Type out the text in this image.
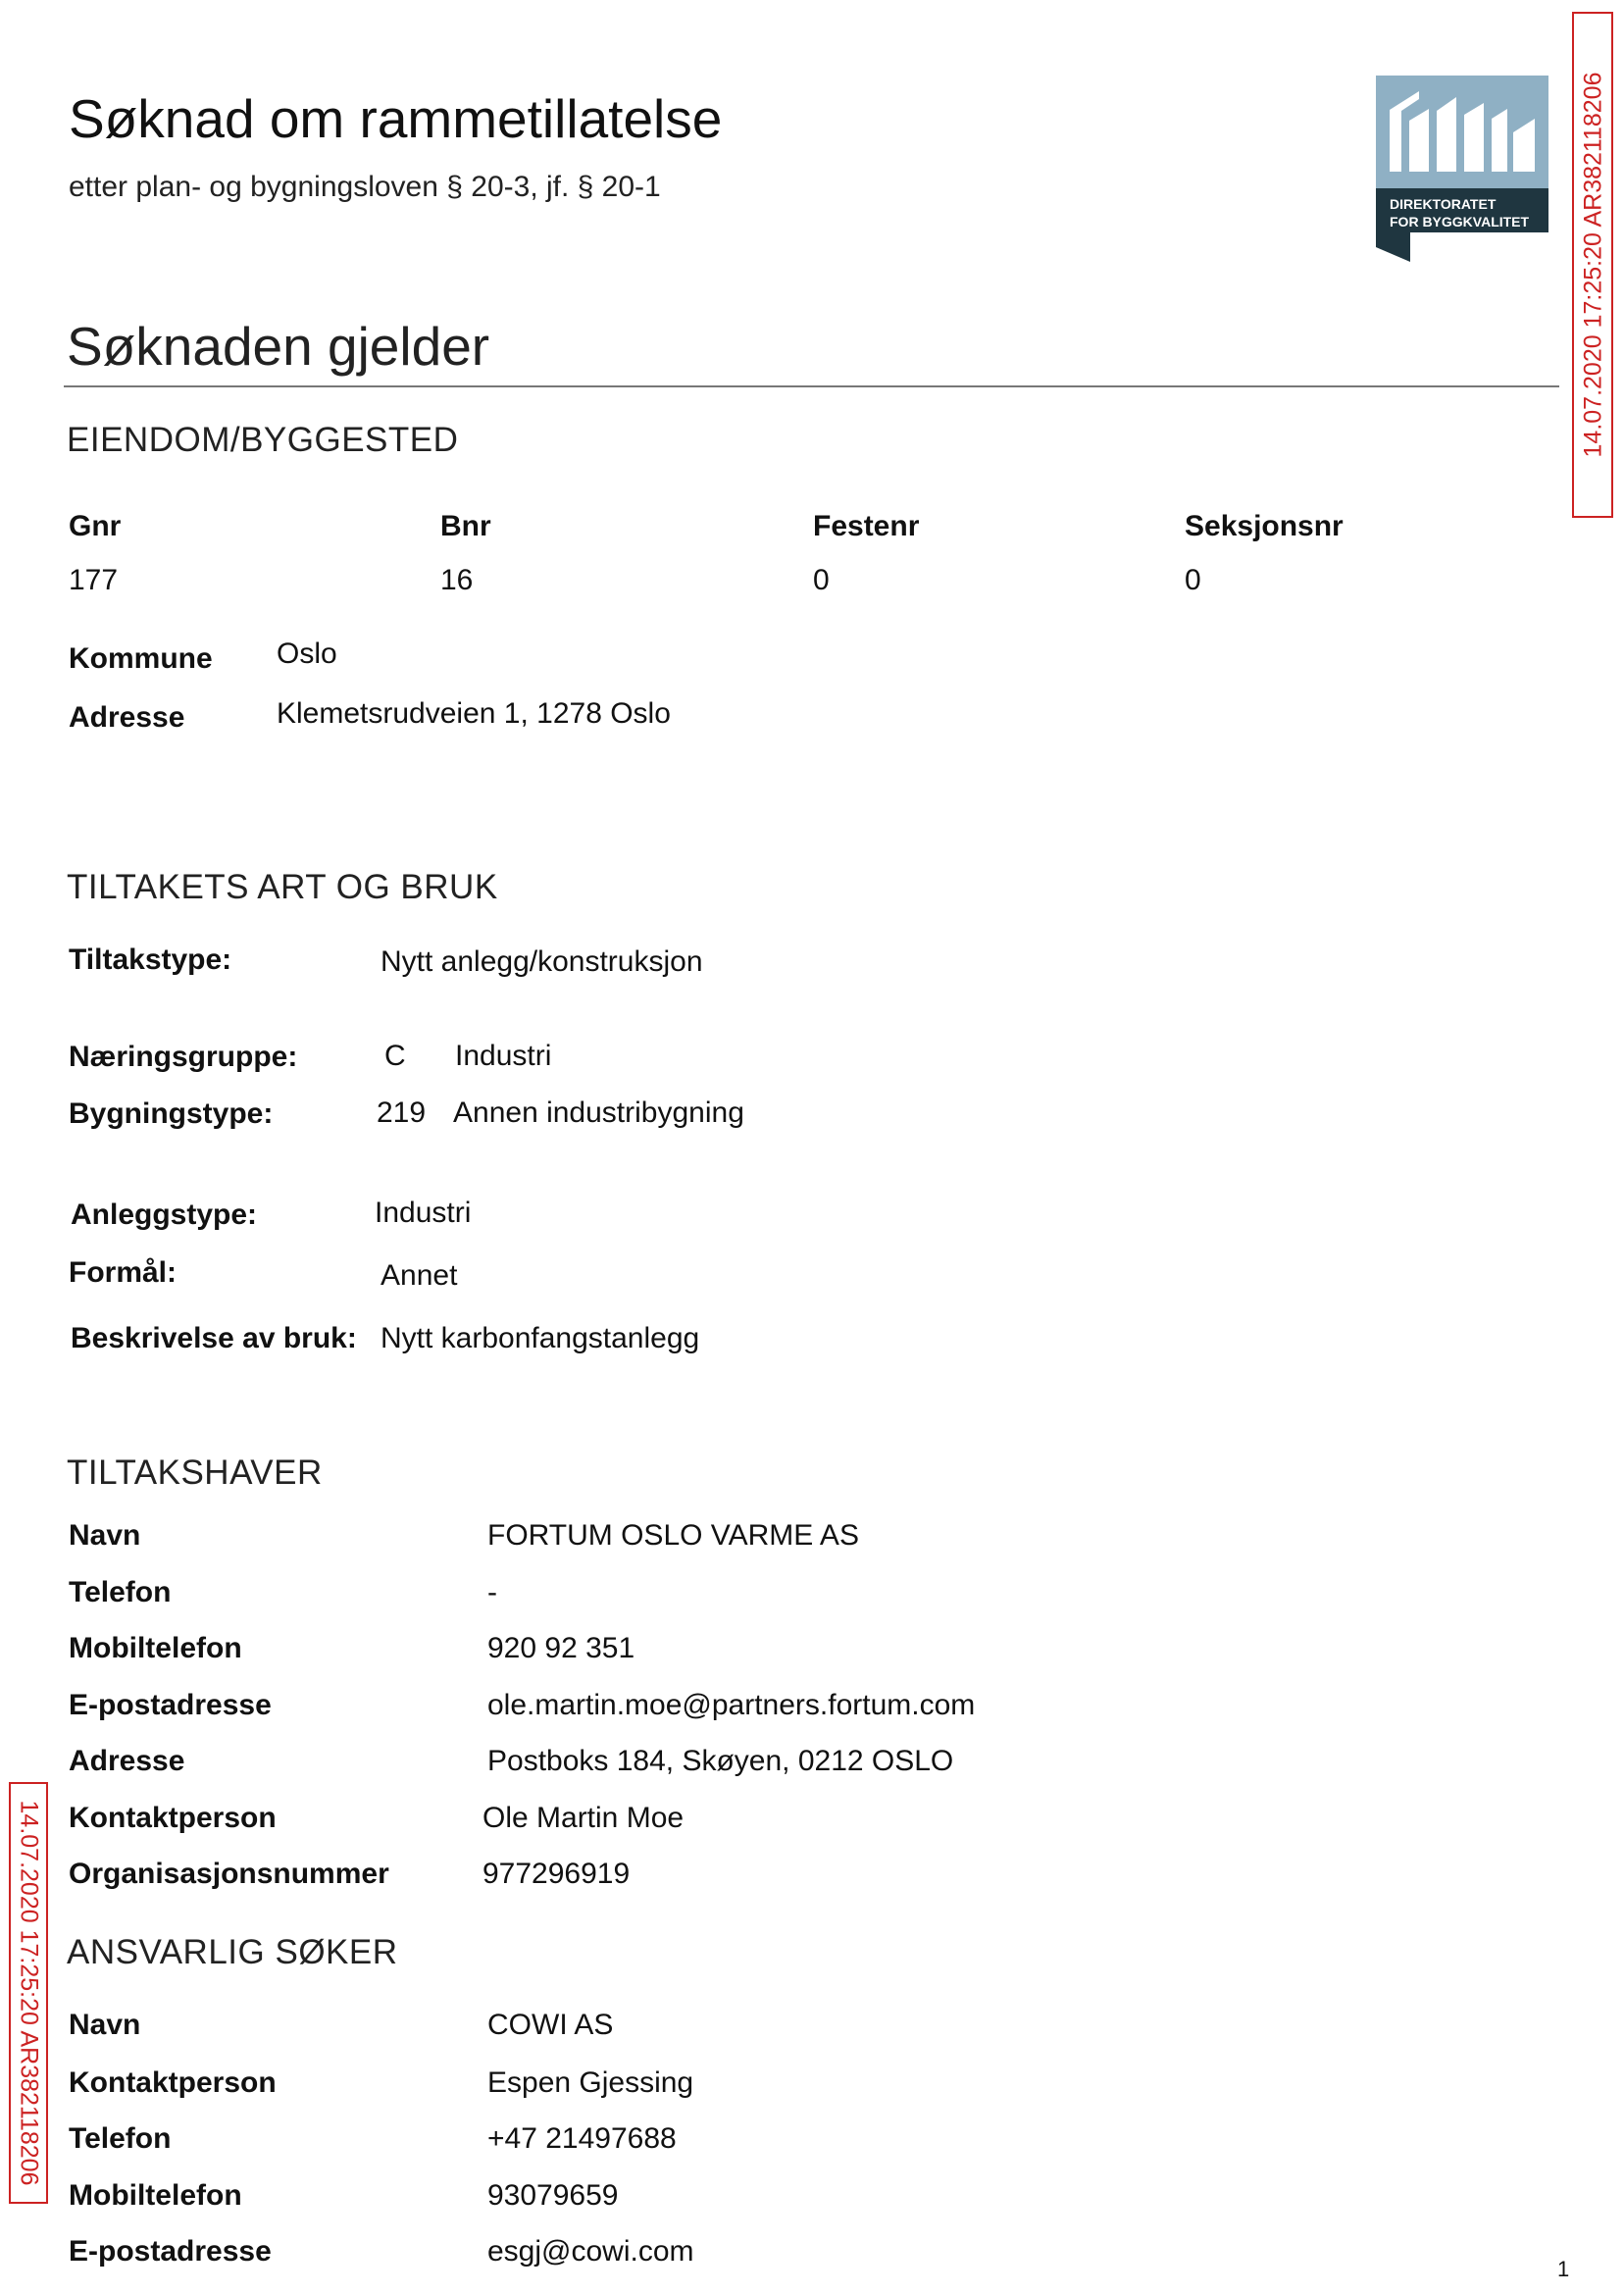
Søknad om rammetillatelse
etter plan- og bygningsloven § 20-3, jf. § 20-1
DIREKTORATET
FOR BYGGKVALITET 14.07.2020 17:25:20 AR382118206
14.07.2020 17:25:20 AR382118206
Søknaden gjelder
EIENDOM/BYGGESTED
Gnr	Bnr	Festenr	Seksjonsnr
177	16	0	0
Kommune Oslo
Adresse	Klemetsrudveien 1, 1278 Oslo
TILTAKETS ART OG BRUK
Tiltakstype:	Nytt anlegg/konstruksjon
Næringsgruppe:	C Industri
Bygningstype:	219 Annen industribygning
Anleggstype:	Industri
Formål:	Annet
Beskrivelse av bruk: Nytt karbonfangstanlegg
TILTAKSHAVER
Navn	FORTUM OSLO VARME AS
Telefon	-
Mobiltelefon	920 92 351
E-postadresse	ole.martin.moe@partners.fortum.com
Adresse	Postboks 184, Skøyen, 0212 OSLO
Kontaktperson	Ole Martin Moe
Organisasjonsnummer	977296919
ANSVARLIG SØKER
Navn	COWI AS
Kontaktperson	Espen Gjessing
Telefon	+47 21497688
Mobiltelefon	93079659
E-postadresse	esgj@cowi.com
1
